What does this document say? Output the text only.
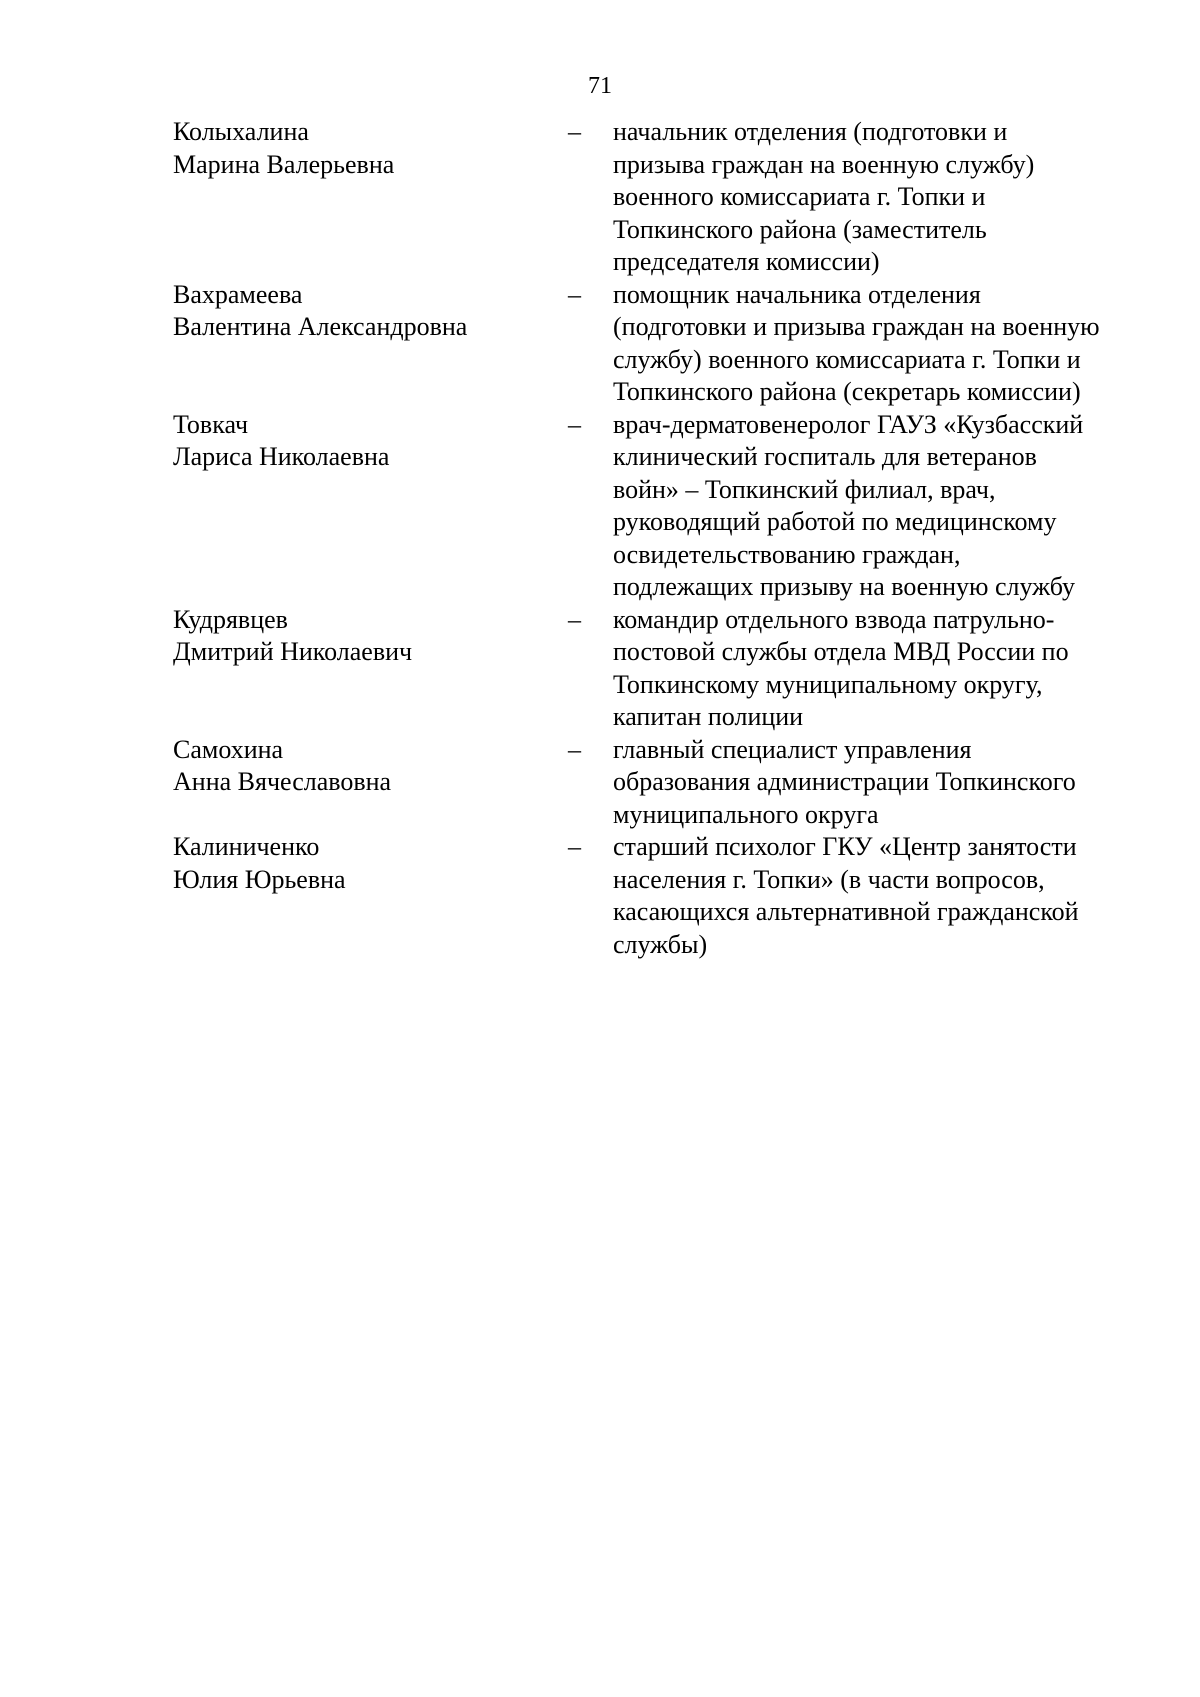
71
Колыхалина
Марина Валерьевна
–	начальник отделения (подготовки и призыва граждан на военную службу) военного комиссариата г. Топки и Топкинского района (заместитель председателя комиссии)
Вахрамеева
Валентина Александровна
–	помощник начальника отделения (подготовки и призыва граждан на военную службу) военного комиссариата г. Топки и Топкинского района (секретарь комиссии)
Товкач
Лариса Николаевна
–	врач-дерматовенеролог ГАУЗ «Кузбасский клинический госпиталь для ветеранов войн» – Топкинский филиал, врач, руководящий работой по медицинскому освидетельствованию граждан, подлежащих призыву на военную службу
Кудрявцев
Дмитрий Николаевич
–	командир отдельного взвода патрульно-постовой службы отдела МВД России по Топкинскому муниципальному округу, капитан полиции
Самохина
Анна Вячеславовна
–	главный специалист управления образования администрации Топкинского муниципального округа
Калиниченко
Юлия Юрьевна
–	старший психолог ГКУ «Центр занятости населения г. Топки» (в части вопросов, касающихся альтернативной гражданской службы)
